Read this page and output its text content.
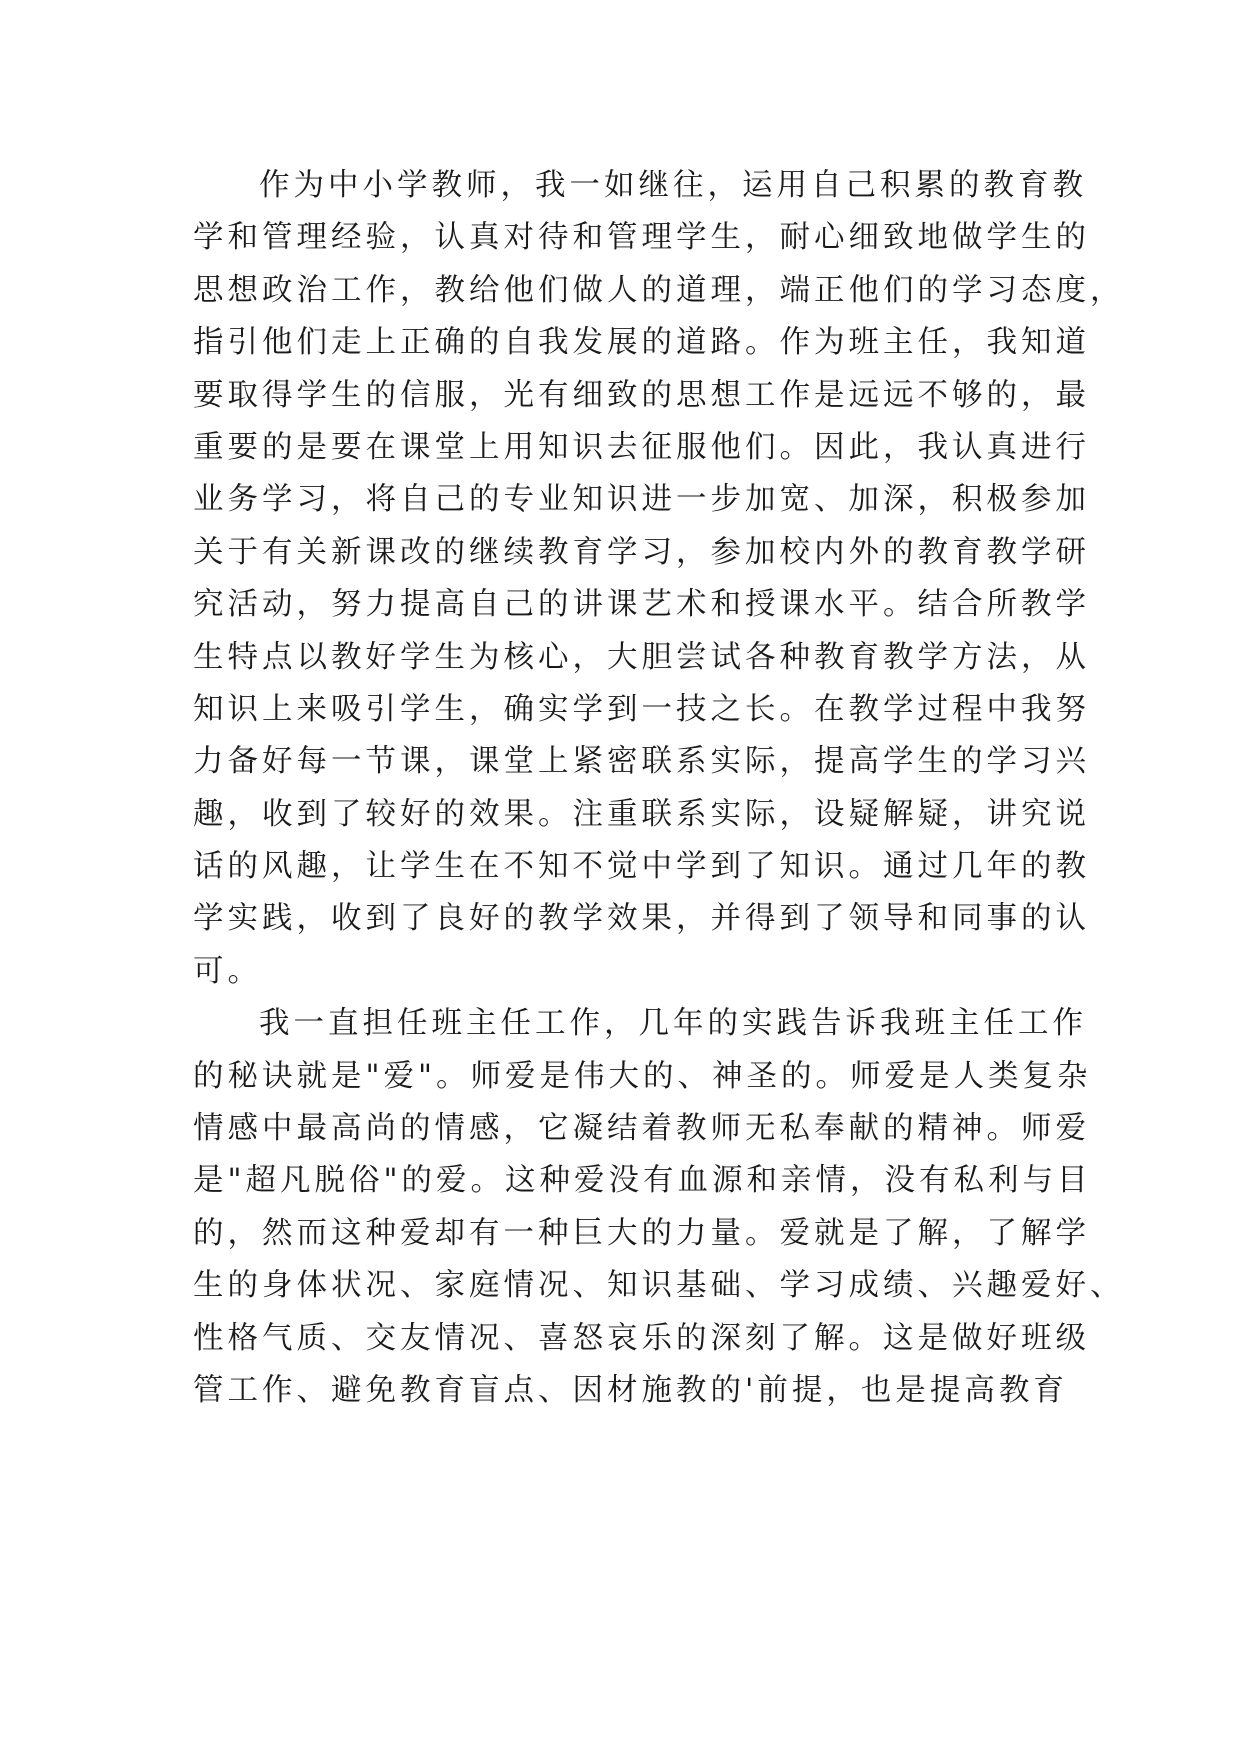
作为中小学教师，我一如继往，运用自己积累的教育教
学和管理经验，认真对待和管理学生，耐心细致地做学生的
思想政治工作，教给他们做人的道理，端正他们的学习态度，
指引他们走上正确的自我发展的道路。作为班主任，我知道
要取得学生的信服，光有细致的思想工作是远远不够的，最
重要的是要在课堂上用知识去征服他们。因此，我认真进行
业务学习，将自己的专业知识进一步加宽、加深，积极参加
关于有关新课改的继续教育学习，参加校内外的教育教学研
究活动，努力提高自己的讲课艺术和授课水平。结合所教学
生特点以教好学生为核心，大胆尝试各种教育教学方法，从
知识上来吸引学生，确实学到一技之长。在教学过程中我努
力备好每一节课，课堂上紧密联系实际，提高学生的学习兴
趣，收到了较好的效果。注重联系实际，设疑解疑，讲究说
话的风趣，让学生在不知不觉中学到了知识。通过几年的教
学实践，收到了良好的教学效果，并得到了领导和同事的认
可。
我一直担任班主任工作，几年的实践告诉我班主任工作
的秘诀就是"爱"。师爱是伟大的、神圣的。师爱是人类复杂
情感中最高尚的情感，它凝结着教师无私奉献的精神。师爱
是"超凡脱俗"的爱。这种爱没有血源和亲情，没有私利与目
的，然而这种爱却有一种巨大的力量。爱就是了解，了解学
生的身体状况、家庭情况、知识基础、学习成绩、兴趣爱好、
性格气质、交友情况、喜怒哀乐的深刻了解。这是做好班级
管工作、避免教育盲点、因材施教的'前提，也是提高教育
